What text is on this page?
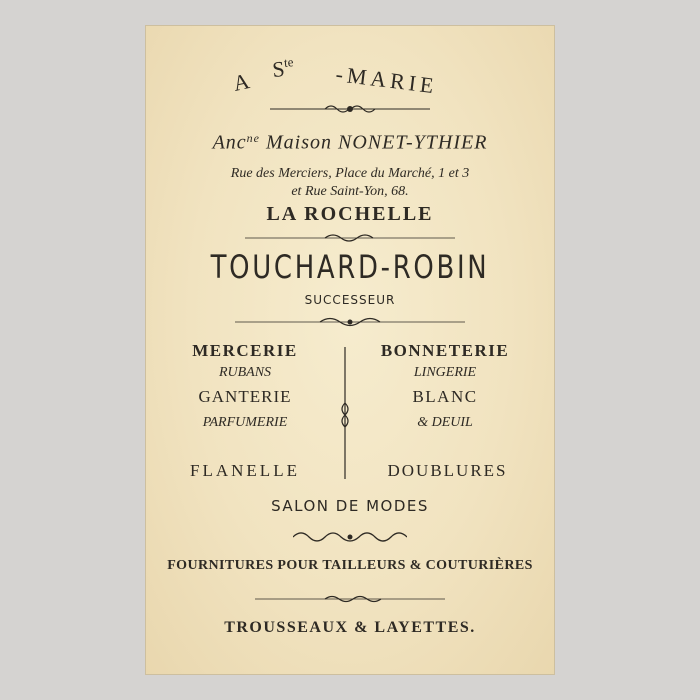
A $S^{te}$ -MARIE
Anc$^{ne}$ Maison NONET-YTHIER
Rue des Merciers, Place du Marché, 1 et 3
et Rue Saint-Yon, 68.
LA ROCHELLE
TOUCHARD-ROBIN
SUCCESSEUR
MERCERIE
RUBANS
GANTERIE
PARFUMERIE
FLANELLE
BONNETERIE
LINGERIE
BLANC
& DEUIL
DOUBLURES
SALON DE MODES
FOURNITURES POUR TAILLEURS & COUTURIÈRES
TROUSSEAUX & LAYETTES.
